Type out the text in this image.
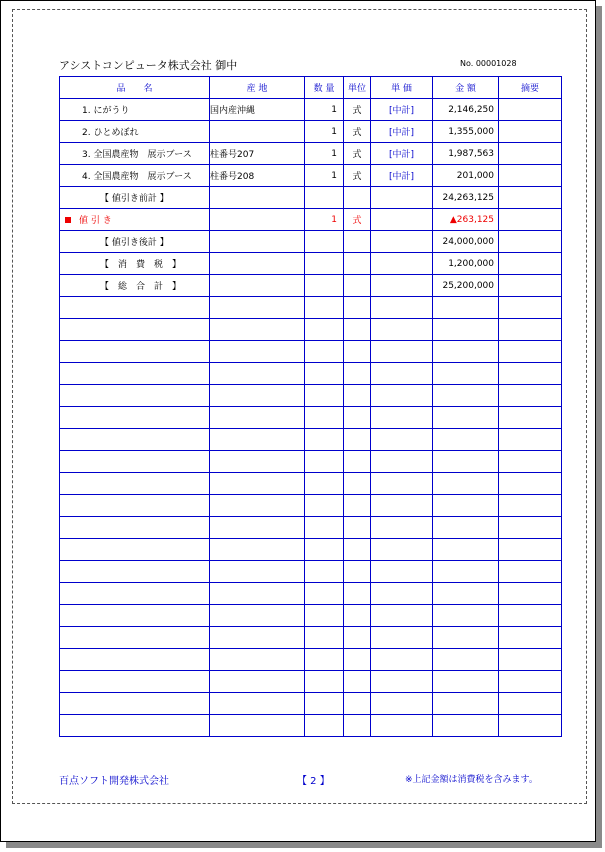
アシストコンピュータ株式会社 御中	No. 00001028
品　　名	産 地	数 量	単位	単 価	金 額	摘要
1. にがうり	国内産沖縄	1	式	[中計]	2,146,250	
2. ひとめぼれ		1	式	[中計]	1,355,000	
3. 全国農産物　展示ブース	柱番号207	1	式	[中計]	1,987,563	
4. 全国農産物　展示ブース	柱番号208	1	式	[中計]	201,000	
【 値引き前計 】					24,263,125	
値 引 き		1	式		▲263,125	
【 値引き後計 】					24,000,000	
【　消　費　税　】					1,200,000	
【　総　合　計　】					25,200,000	

百点ソフト開発株式会社	【 2 】	※上記金額は消費税を含みます。
